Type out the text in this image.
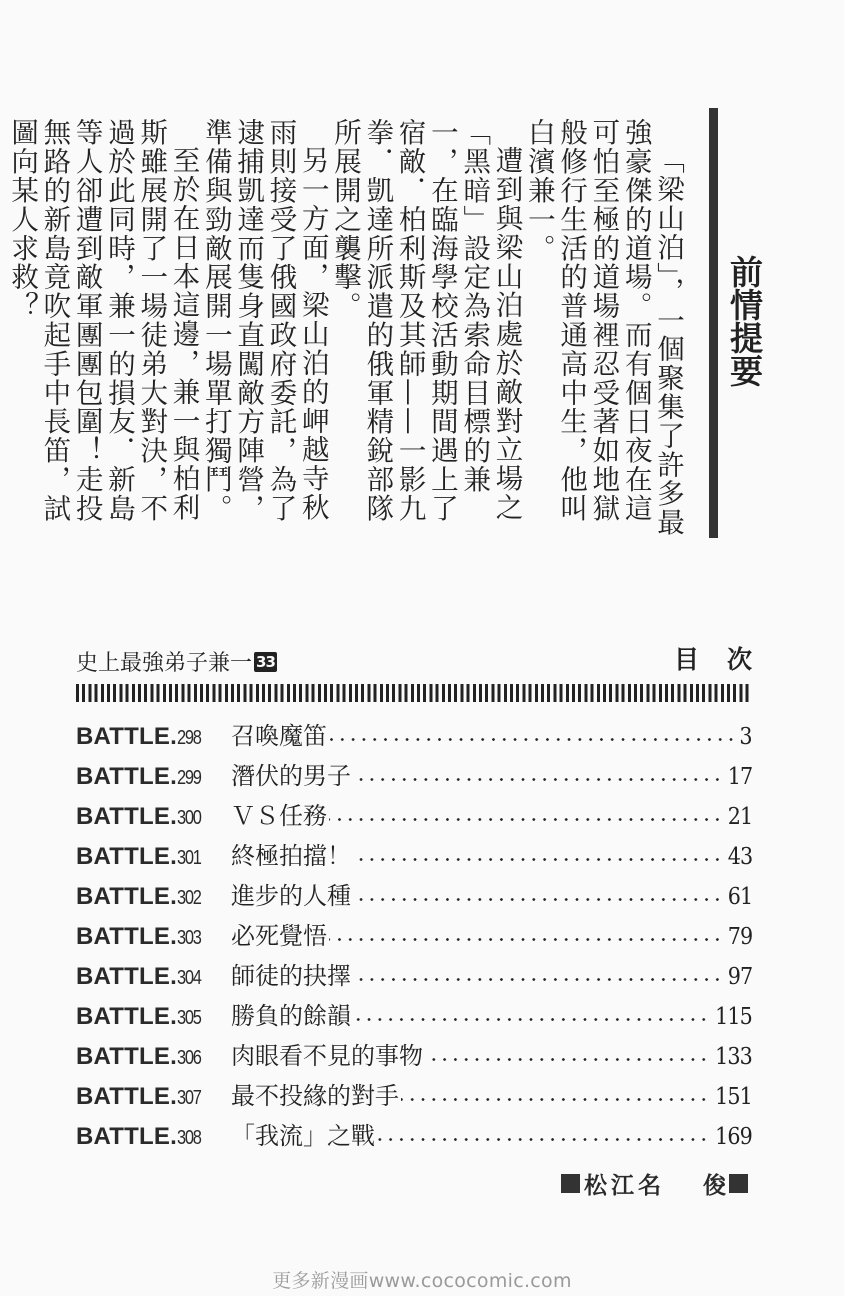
「梁山泊」，一個聚集了許多最強豪傑的道場。而有個日夜在這可怕至極的道場裡忍受著如地獄般修行生活的普通高中生，他叫白濱兼一。

遭到與梁山泊處於敵對立場之「黑暗」設定為索命目標的兼一，在臨海學校活動期間遇上了宿敵．柏利斯及其師——一影九拳．凱達所派遣的俄軍精銳部隊所展開之襲擊。

另一方面，梁山泊的岬越寺秋雨則接受了俄國政府委託，為了逮捕凱達而隻身直闖敵方陣營，準備與勁敵展開一場單打獨鬥。

至於在日本這邊，兼一與柏利斯雖展開了一場徒弟大對決，不過於此同時，兼一的損友．新島等人卻遭到敵軍團團包圍！走投無路的新島竟吹起手中長笛，試圖向某人求救？

前情提要
史上最強弟子兼一 33	目次
BATTLE. 298	召喚魔笛	3
BATTLE. 299	潛伏的男子	17
BATTLE. 300	ＶＳ任務	21
BATTLE. 301	終極拍擋！	43
BATTLE. 302	進步的人種	61
BATTLE. 303	必死覺悟	79
BATTLE. 304	師徒的抉擇	97
BATTLE. 305	勝負的餘韻	115
BATTLE. 306	肉眼看不見的事物	133
BATTLE. 307	最不投緣的對手	151
BATTLE. 308	「我流」之戰	169
松江名 俊
更多新漫画www.cococomic.com
